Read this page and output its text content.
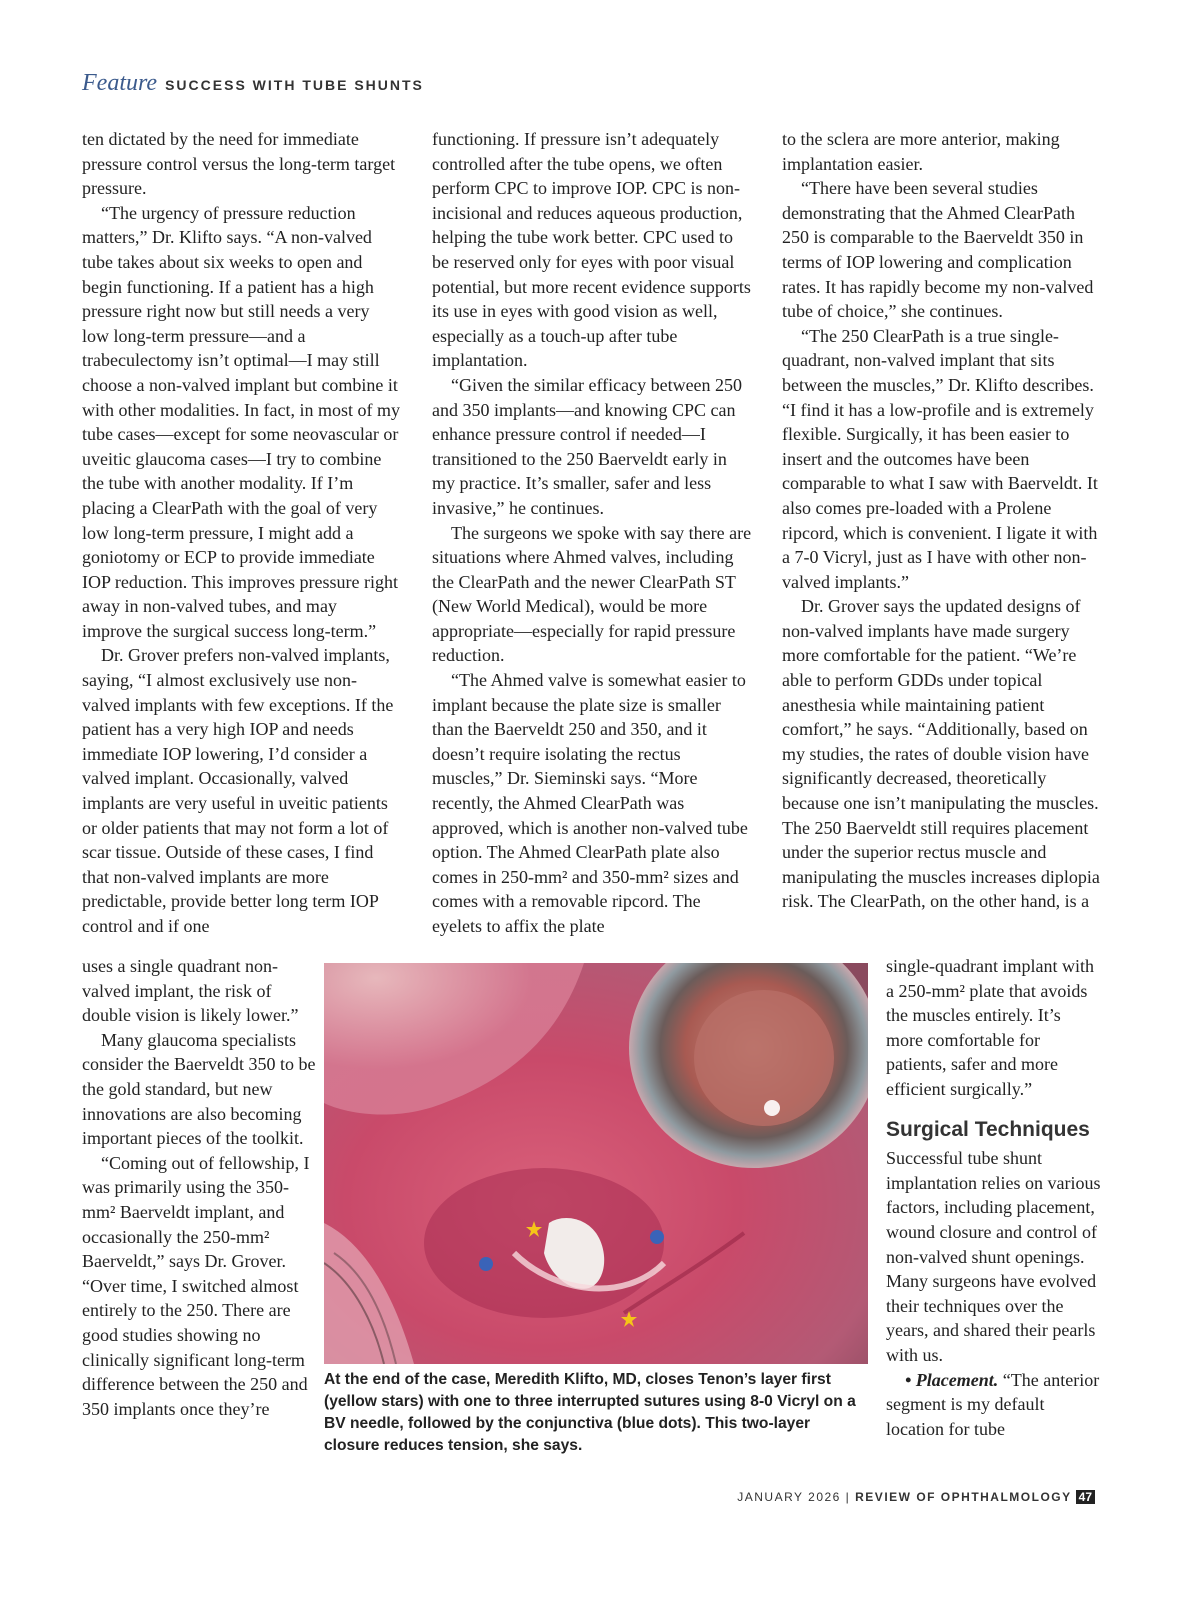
Feature SUCCESS WITH TUBE SHUNTS

ten dictated by the need for immediate pressure control versus the long-term target pressure.

“The urgency of pressure reduction matters,” Dr. Klifto says. “A non-valved tube takes about six weeks to open and begin functioning. If a patient has a high pressure right now but still needs a very low long-term pressure—and a trabeculectomy isn’t optimal—I may still choose a non-valved implant but combine it with other modalities. In fact, in most of my tube cases—except for some neovascular or uveitic glaucoma cases—I try to combine the tube with another modality. If I’m placing a ClearPath with the goal of very low long-term pressure, I might add a goniotomy or ECP to provide immediate IOP reduction. This improves pressure right away in non-valved tubes, and may improve the surgical success long-term.”

Dr. Grover prefers non-valved implants, saying, “I almost exclusively use non-valved implants with few exceptions. If the patient has a very high IOP and needs immediate IOP lowering, I’d consider a valved implant. Occasionally, valved implants are very useful in uveitic patients or older patients that may not form a lot of scar tissue. Outside of these cases, I find that non-valved implants are more predictable, provide better long term IOP control and if one

uses a single quadrant non-valved implant, the risk of double vision is likely lower.”

Many glaucoma specialists consider the Baerveldt 350 to be the gold standard, but new innovations are also becoming important pieces of the toolkit.

“Coming out of fellowship, I was primarily using the 350-mm² Baerveldt implant, and occasionally the 250-mm² Baerveldt,” says Dr. Grover. “Over time, I switched almost entirely to the 250. There are good studies showing no clinically significant long-term difference between the 250 and 350 implants once they’re

functioning. If pressure isn’t adequately controlled after the tube opens, we often perform CPC to improve IOP. CPC is non-incisional and reduces aqueous production, helping the tube work better. CPC used to be reserved only for eyes with poor visual potential, but more recent evidence supports its use in eyes with good vision as well, especially as a touch-up after tube implantation.

“Given the similar efficacy between 250 and 350 implants—and knowing CPC can enhance pressure control if needed—I transitioned to the 250 Baerveldt early in my practice. It’s smaller, safer and less invasive,” he continues.

The surgeons we spoke with say there are situations where Ahmed valves, including the ClearPath and the newer ClearPath ST (New World Medical), would be more appropriate—especially for rapid pressure reduction.

“The Ahmed valve is somewhat easier to implant because the plate size is smaller than the Baerveldt 250 and 350, and it doesn’t require isolating the rectus muscles,” Dr. Sieminski says. “More recently, the Ahmed ClearPath was approved, which is another non-valved tube option. The Ahmed ClearPath plate also comes in 250-mm² and 350-mm² sizes and comes with a removable ripcord. The eyelets to affix the plate

to the sclera are more anterior, making implantation easier.

“There have been several studies demonstrating that the Ahmed ClearPath 250 is comparable to the Baerveldt 350 in terms of IOP lowering and complication rates. It has rapidly become my non-valved tube of choice,” she continues.

“The 250 ClearPath is a true single-quadrant, non-valved implant that sits between the muscles,” Dr. Klifto describes. “I find it has a low-profile and is extremely flexible. Surgically, it has been easier to insert and the outcomes have been comparable to what I saw with Baerveldt. It also comes pre-loaded with a Prolene ripcord, which is convenient. I ligate it with a 7-0 Vicryl, just as I have with other non-valved implants.”

Dr. Grover says the updated designs of non-valved implants have made surgery more comfortable for the patient. “We’re able to perform GDDs under topical anesthesia while maintaining patient comfort,” he says. “Additionally, based on my studies, the rates of double vision have significantly decreased, theoretically because one isn’t manipulating the muscles. The 250 Baerveldt still requires placement under the superior rectus muscle and manipulating the muscles increases diplopia risk. The ClearPath, on the other hand, is a

single-quadrant implant with a 250-mm² plate that avoids the muscles entirely. It’s more comfortable for patients, safer and more efficient surgically.”

Surgical Techniques

Successful tube shunt implantation relies on various factors, including placement, wound closure and control of non-valved shunt openings. Many surgeons have evolved their techniques over the years, and shared their pearls with us.

• Placement. “The anterior segment is my default location for tube

At the end of the case, Meredith Klifto, MD, closes Tenon’s layer first (yellow stars) with one to three interrupted sutures using 8-0 Vicryl on a BV needle, followed by the conjunctiva (blue dots). This two-layer closure reduces tension, she says.
JANUARY 2026 | REVIEW OF OPHTHALMOLOGY 47
